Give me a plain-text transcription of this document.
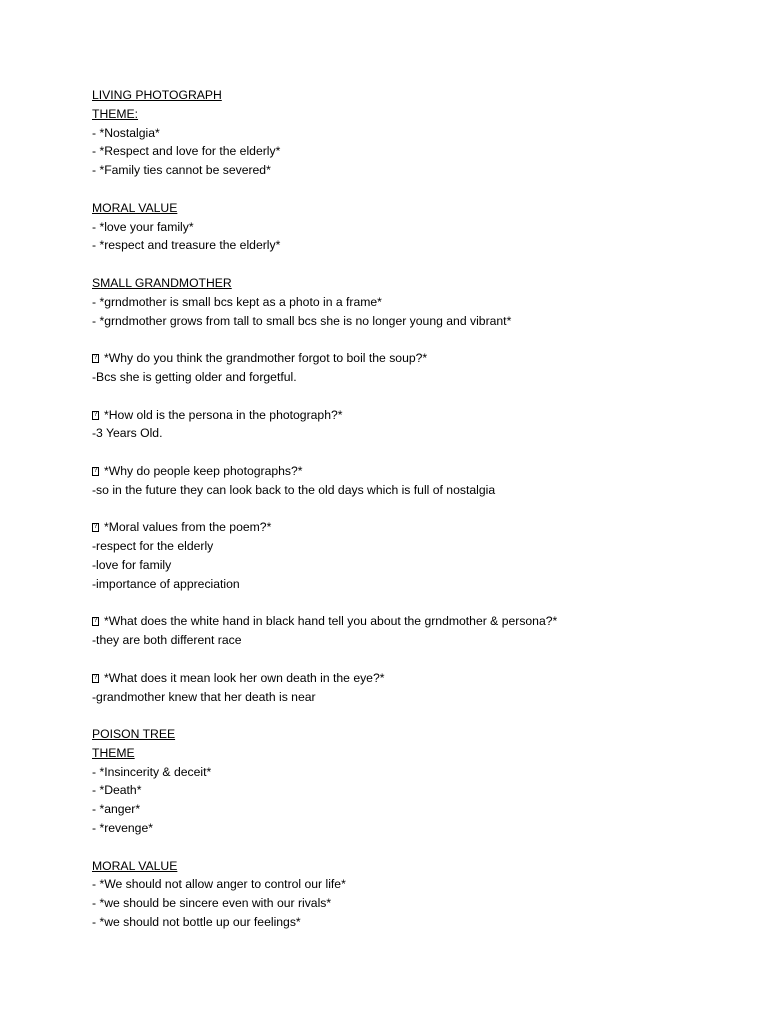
LIVING PHOTOGRAPH
THEME:
- *Nostalgia*
- *Respect and love for the elderly*
- *Family ties cannot be severed*
MORAL VALUE
- *love your family*
- *respect and treasure the elderly*
SMALL GRANDMOTHER
- *grndmother is small bcs kept as a photo in a frame*
- *grndmother grows from tall to small bcs she is no longer young and vibrant*
?*Why do you think the grandmother forgot to boil the soup?*
-Bcs she is getting older and forgetful.
?*How old is the persona in the photograph?*
-3 Years Old.
?*Why do people keep photographs?*
-so in the future they can look back to the old days which is full of nostalgia
?*Moral values from the poem?*
-respect for the elderly
-love for family
-importance of appreciation
?*What does the white hand in black hand tell you about the grndmother & persona?*
-they are both different race
?*What does it mean look her own death in the eye?*
-grandmother knew that her death is near
POISON TREE
THEME
- *Insincerity & deceit*
- *Death*
- *anger*
- *revenge*
MORAL VALUE
- *We should not allow anger to control our life*
- *we should be sincere even with our rivals*
- *we should not bottle up our feelings*
